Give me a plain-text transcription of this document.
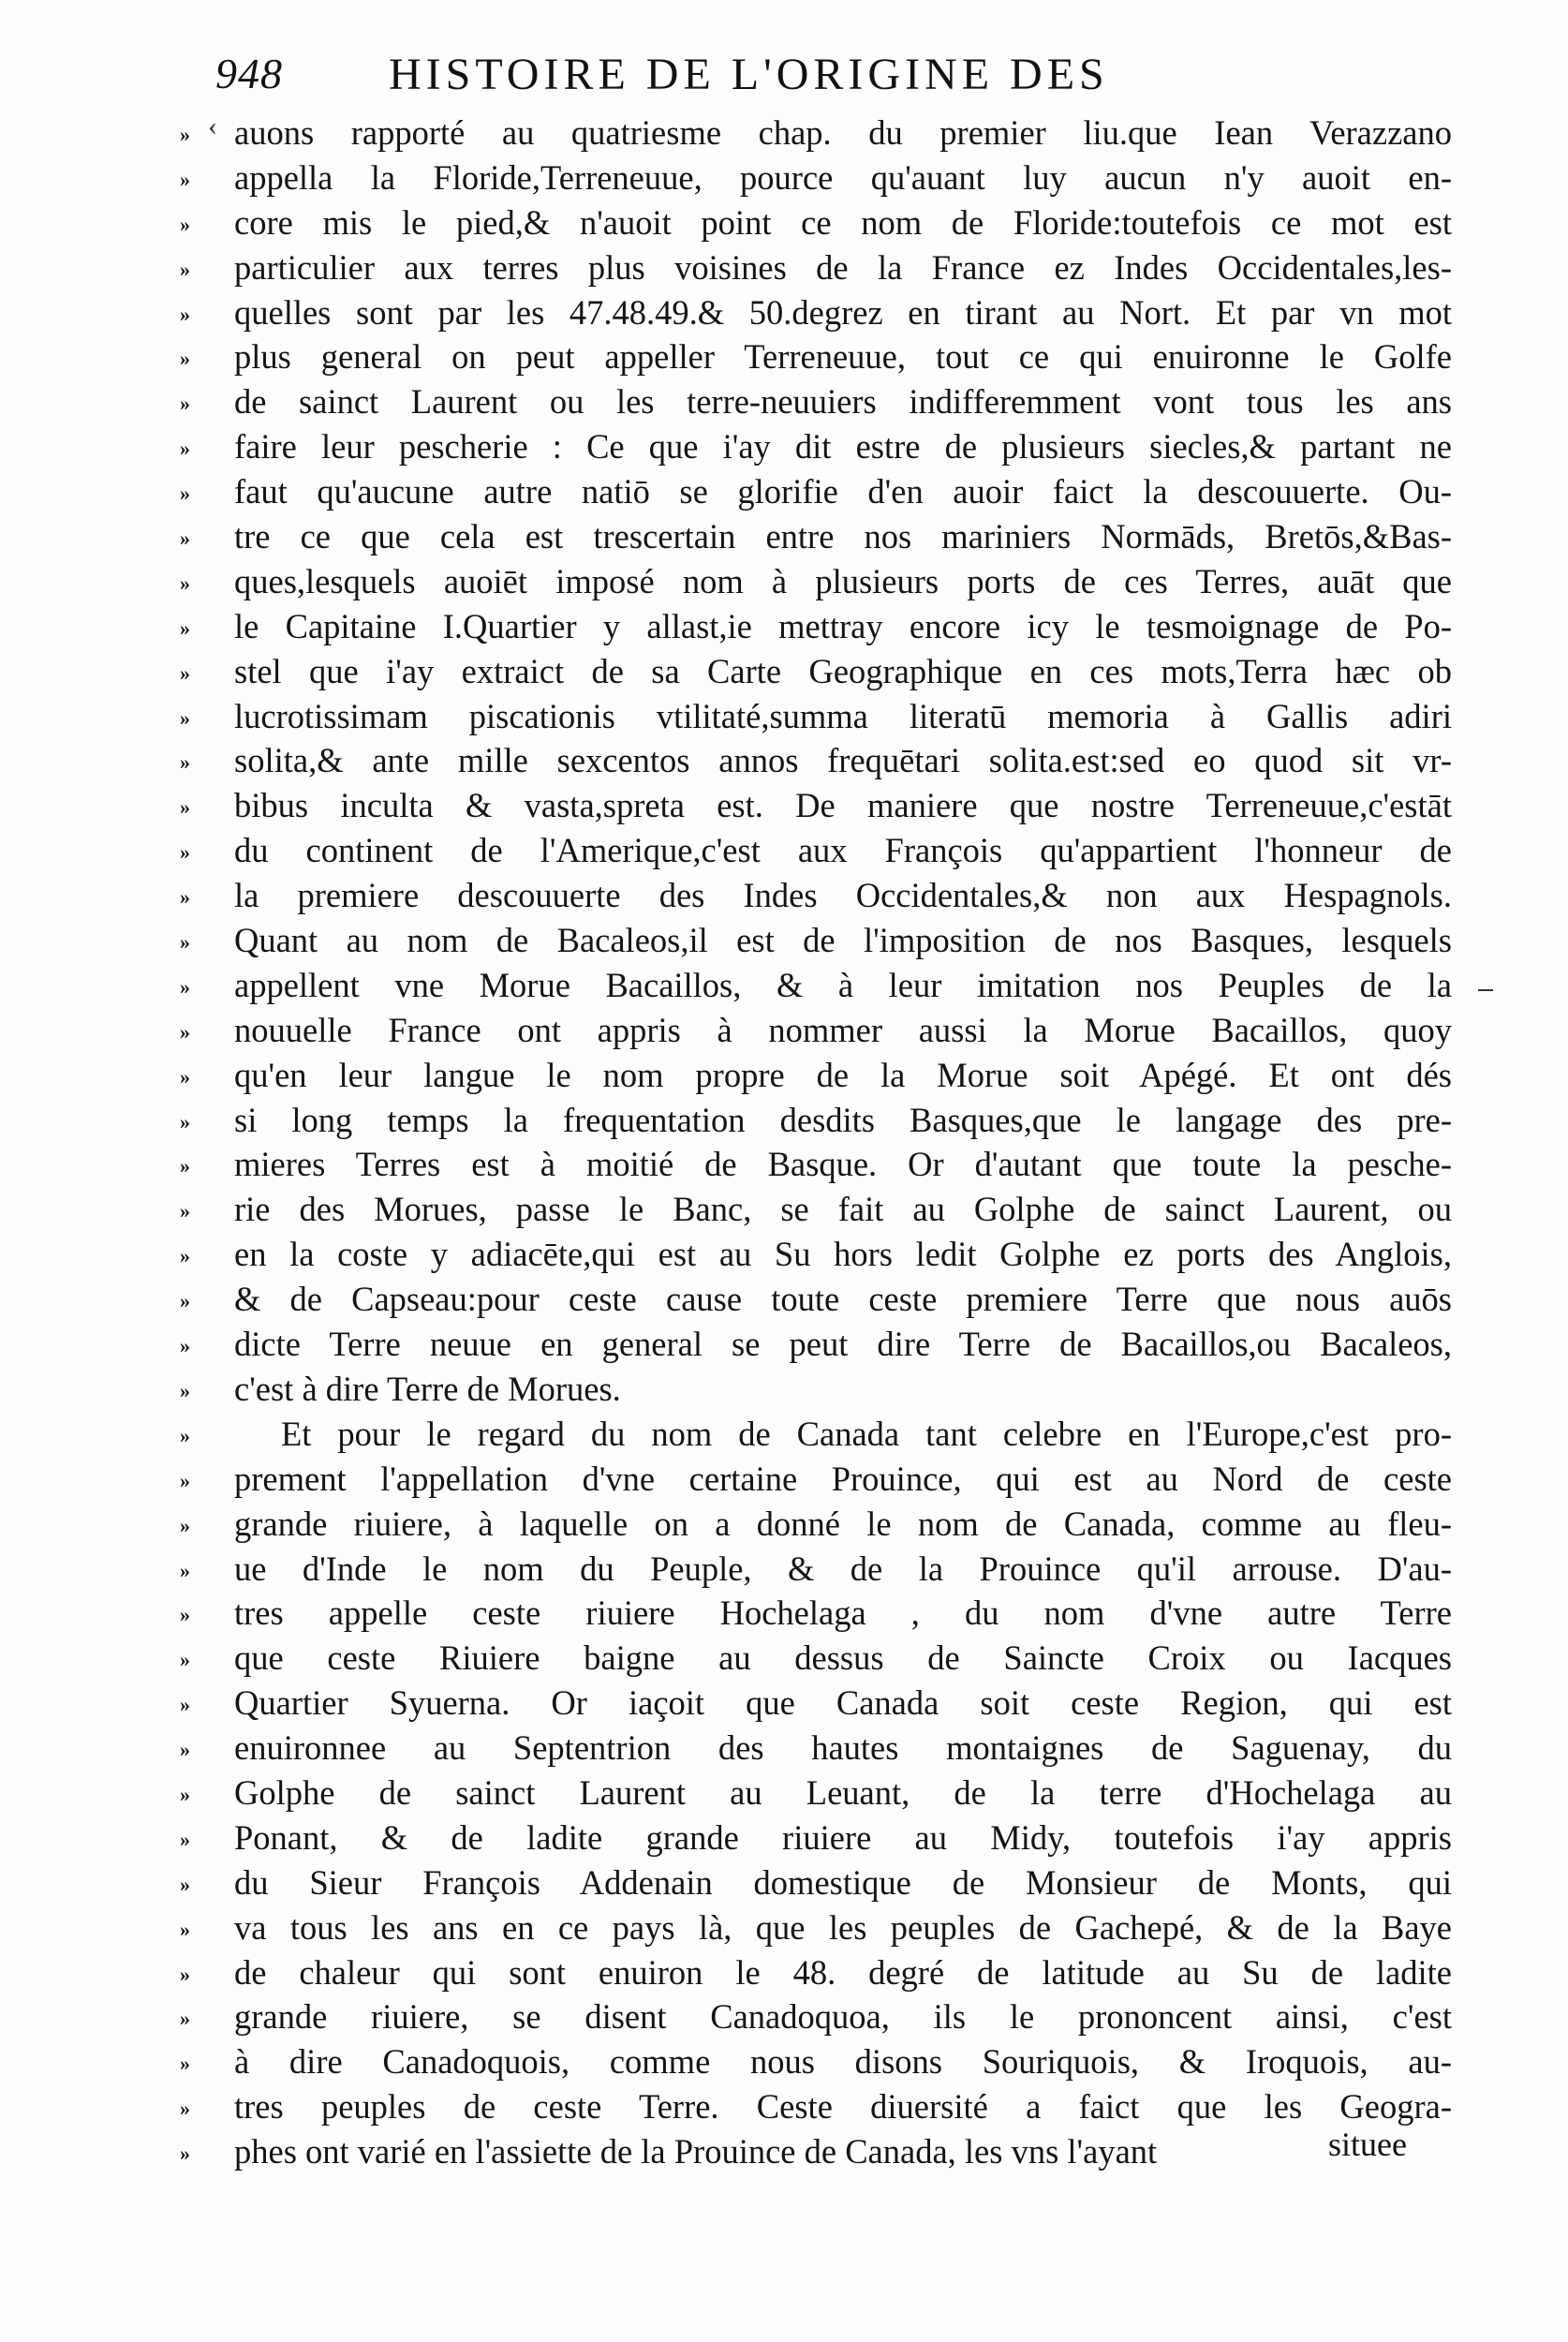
948 HISTOIRE DE L'ORIGINE DES
‹
» auons rapporté au quatriesme chap. du premier liu.que Iean Verazzano
» appella la Floride,Terreneuue, pource qu'auant luy aucun n'y auoit en-
» core mis le pied,& n'auoit point ce nom de Floride:toutefois ce mot est
» particulier aux terres plus voisines de la France ez Indes Occidentales,les-
» quelles sont par les 47.48.49.& 50.degrez en tirant au Nort. Et par vn mot
» plus general on peut appeller Terreneuue, tout ce qui enuironne le Golfe
» de sainct Laurent ou les terre-neuuiers indifferemment vont tous les ans
» faire leur pescherie : Ce que i'ay dit estre de plusieurs siecles,& partant ne
» faut qu'aucune autre natiō se glorifie d'en auoir faict la descouuerte. Ou-
» tre ce que cela est trescertain entre nos mariniers Normāds, Bretōs,&Bas-
» ques,lesquels auoiēt imposé nom à plusieurs ports de ces Terres, auāt que
» le Capitaine I.Quartier y allast,ie mettray encore icy le tesmoignage de Po-
» stel que i'ay extraict de sa Carte Geographique en ces mots,Terra hæc ob
» lucrotissimam piscationis vtilitaté,summa literatū memoria à Gallis adiri
» solita,& ante mille sexcentos annos frequētari solita.est:sed eo quod sit vr-
» bibus inculta & vasta,spreta est. De maniere que nostre Terreneuue,c'estāt
» du continent de l'Amerique,c'est aux François qu'appartient l'honneur de
» la premiere descouuerte des Indes Occidentales,& non aux Hespagnols.
» Quant au nom de Bacaleos,il est de l'imposition de nos Basques, lesquels
» appellent vne Morue Bacaillos, & à leur imitation nos Peuples de la
» nouuelle France ont appris à nommer aussi la Morue Bacaillos, quoy
» qu'en leur langue le nom propre de la Morue soit Apégé. Et ont dés
» si long temps la frequentation desdits Basques,que le langage des pre-
» mieres Terres est à moitié de Basque. Or d'autant que toute la pesche-
» rie des Morues, passe le Banc, se fait au Golphe de sainct Laurent, ou
» en la coste y adiacēte,qui est au Su hors ledit Golphe ez ports des Anglois,
» & de Capseau:pour ceste cause toute ceste premiere Terre que nous auōs
» dicte Terre neuue en general se peut dire Terre de Bacaillos,ou Bacaleos,
» c'est à dire Terre de Morues.
»	Et pour le regard du nom de Canada tant celebre en l'Europe,c'est pro-
» prement l'appellation d'vne certaine Prouince, qui est au Nord de ceste
» grande riuiere, à laquelle on a donné le nom de Canada, comme au fleu-
» ue d'Inde le nom du Peuple, & de la Prouince qu'il arrouse. D'au-
» tres appelle ceste riuiere Hochelaga , du nom d'vne autre Terre
» que ceste Riuiere baigne au dessus de Saincte Croix ou Iacques
» Quartier Syuerna. Or iaçoit que Canada soit ceste Region, qui est
» enuironnee au Septentrion des hautes montaignes de Saguenay, du
» Golphe de sainct Laurent au Leuant, de la terre d'Hochelaga au
» Ponant, & de ladite grande riuiere au Midy, toutefois i'ay appris
» du Sieur François Addenain domestique de Monsieur de Monts, qui
» va tous les ans en ce pays là, que les peuples de Gachepé, & de la Baye
» de chaleur qui sont enuiron le 48. degré de latitude au Su de ladite
» grande riuiere, se disent Canadoquoa, ils le prononcent ainsi, c'est
» à dire Canadoquois, comme nous disons Souriquois, & Iroquois, au-
» tres peuples de ceste Terre. Ceste diuersité a faict que les Geogra-
» phes ont varié en l'assiette de la Prouince de Canada, les vns l'ayant	situee
